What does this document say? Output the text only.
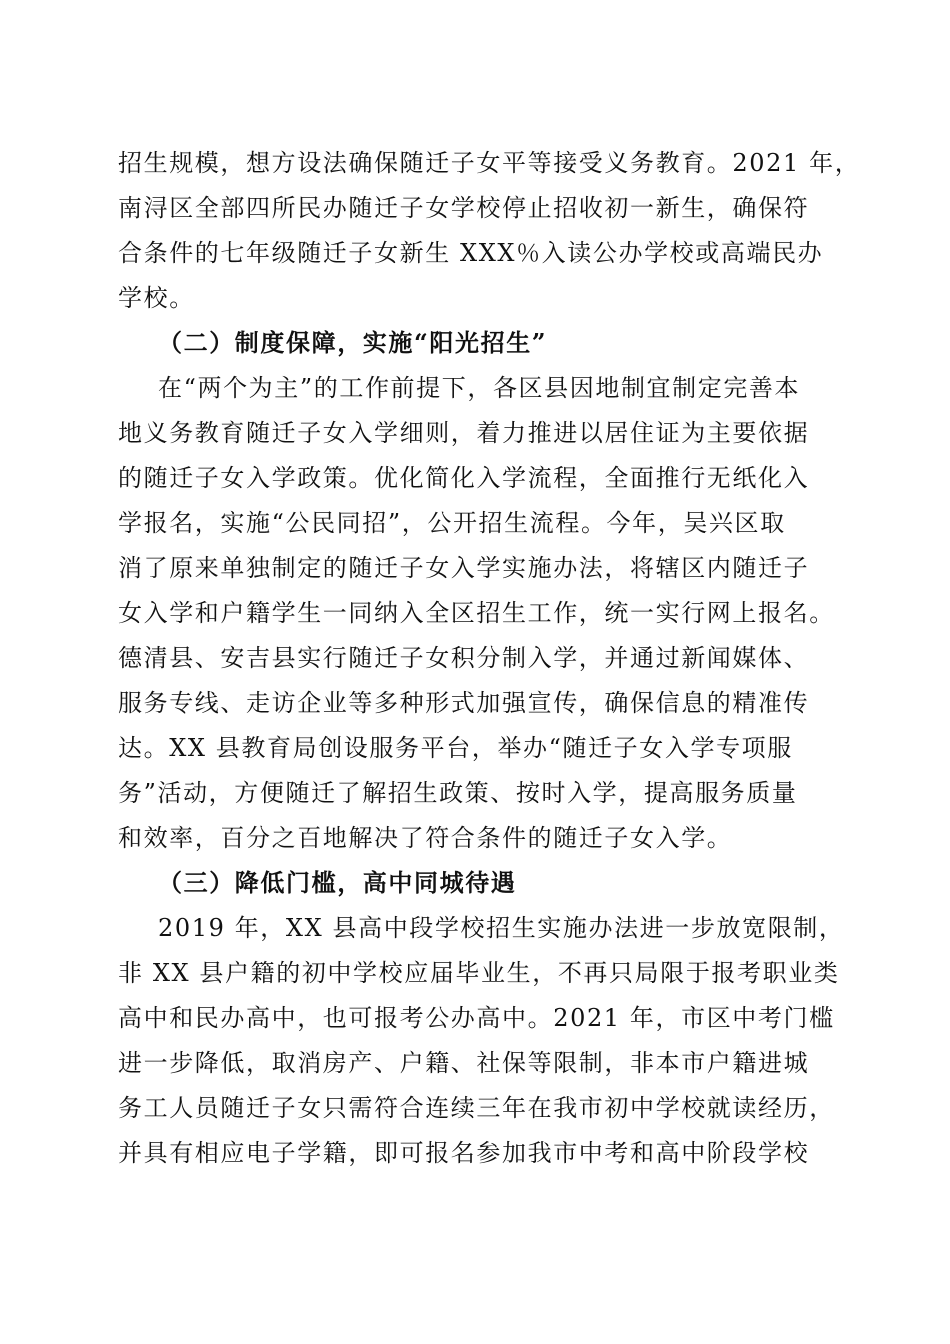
招生规模，想方设法确保随迁子女平等接受义务教育。2021 年，
南浔区全部四所民办随迁子女学校停止招收初一新生，确保符
合条件的七年级随迁子女新生 XXX％入读公办学校或高端民办
学校。
（二）制度保障，实施“阳光招生”
在“两个为主”的工作前提下，各区县因地制宜制定完善本
地义务教育随迁子女入学细则，着力推进以居住证为主要依据
的随迁子女入学政策。优化简化入学流程，全面推行无纸化入
学报名，实施“公民同招”，公开招生流程。今年，吴兴区取
消了原来单独制定的随迁子女入学实施办法，将辖区内随迁子
女入学和户籍学生一同纳入全区招生工作，统一实行网上报名。
德清县、安吉县实行随迁子女积分制入学，并通过新闻媒体、
服务专线、走访企业等多种形式加强宣传，确保信息的精准传
达。XX 县教育局创设服务平台，举办“随迁子女入学专项服
务”活动，方便随迁了解招生政策、按时入学，提高服务质量
和效率，百分之百地解决了符合条件的随迁子女入学。
（三）降低门槛，高中同城待遇
2019 年，XX 县高中段学校招生实施办法进一步放宽限制，
非 XX 县户籍的初中学校应届毕业生，不再只局限于报考职业类
高中和民办高中，也可报考公办高中。2021 年，市区中考门槛
进一步降低，取消房产、户籍、社保等限制，非本市户籍进城
务工人员随迁子女只需符合连续三年在我市初中学校就读经历，
并具有相应电子学籍，即可报名参加我市中考和高中阶段学校
